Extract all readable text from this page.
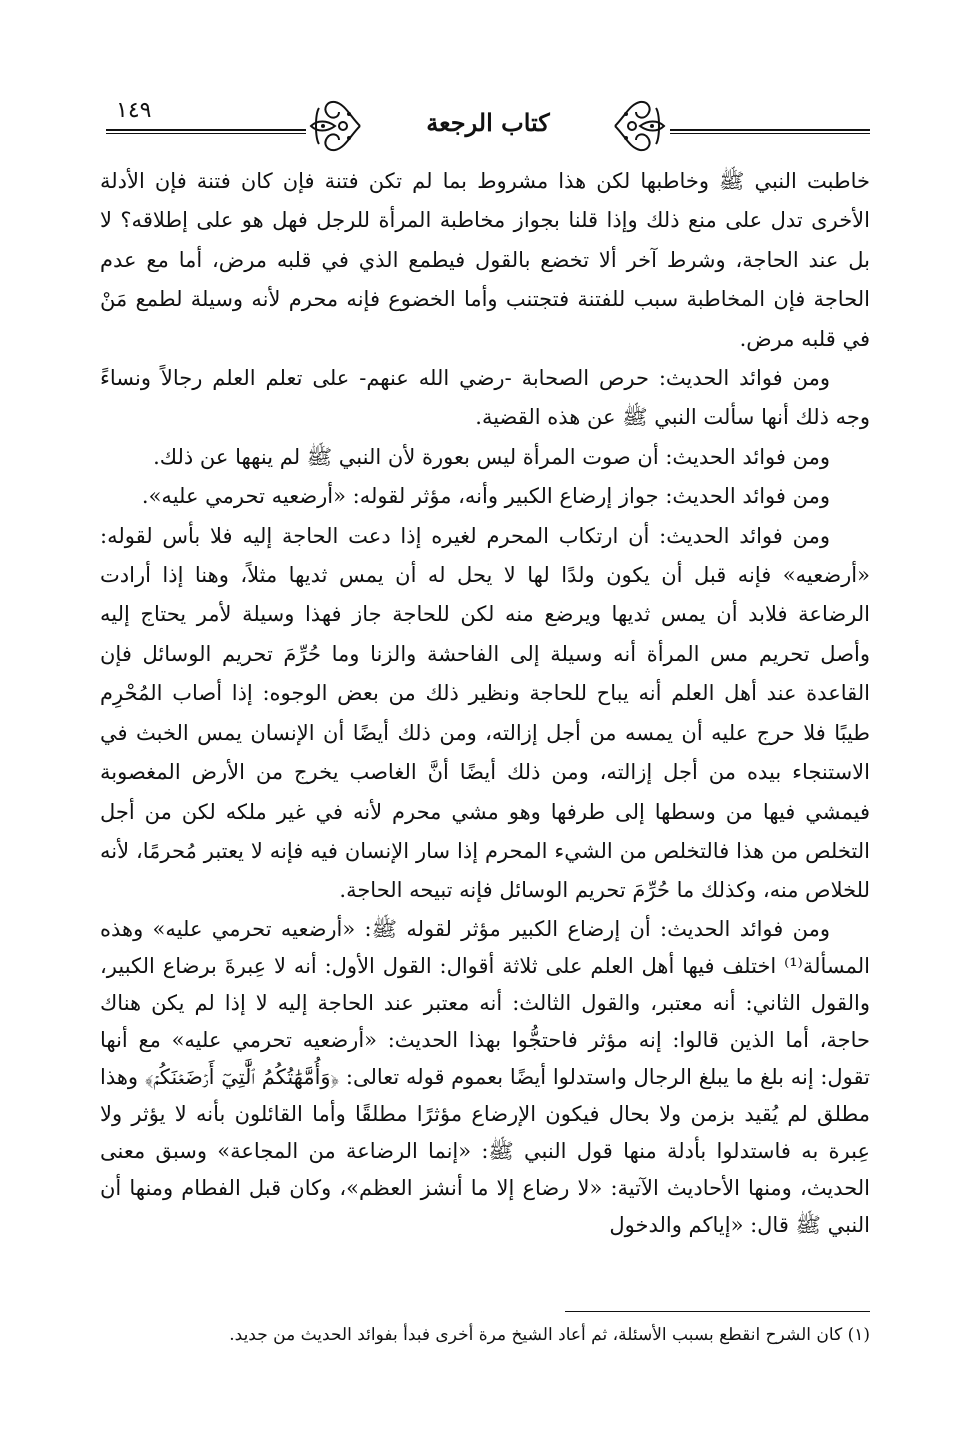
١٤٩	كتاب الرجعة

خاطبت النبي ﷺ وخاطبها لكن هذا مشروط بما لم تكن فتنة فإن كان فتنة فإن الأدلة الأخرى تدل على منع ذلك وإذا قلنا بجواز مخاطبة المرأة للرجل فهل هو على إطلاقه؟ لا بل عند الحاجة، وشرط آخر ألا تخضع بالقول فيطمع الذي في قلبه مرض، أما مع عدم الحاجة فإن المخاطبة سبب للفتنة فتجتنب وأما الخضوع فإنه محرم لأنه وسيلة لطمع مَنْ في قلبه مرض.

ومن فوائد الحديث: حرص الصحابة -رضي الله عنهم- على تعلم العلم رجالاً ونساءً وجه ذلك أنها سألت النبي ﷺ عن هذه القضية.

ومن فوائد الحديث: أن صوت المرأة ليس بعورة لأن النبي ﷺ لم ينهها عن ذلك.

ومن فوائد الحديث: جواز إرضاع الكبير وأنه، مؤثر لقوله: «أرضعيه تحرمي عليه».

ومن فوائد الحديث: أن ارتكاب المحرم لغيره إذا دعت الحاجة إليه فلا بأس لقوله: «أرضعيه» فإنه قبل أن يكون ولدًا لها لا يحل له أن يمس ثديها مثلاً، وهنا إذا أرادت الرضاعة فلابد أن يمس ثديها ويرضع منه لكن للحاجة جاز فهذا وسيلة لأمر يحتاج إليه وأصل تحريم مس المرأة أنه وسيلة إلى الفاحشة والزنا وما حُرِّمَ تحريم الوسائل فإن القاعدة عند أهل العلم أنه يباح للحاجة ونظير ذلك من بعض الوجوه: إذا أصاب المُحْرِم طيبًا فلا حرج عليه أن يمسه من أجل إزالته، ومن ذلك أيضًا أن الإنسان يمس الخبث في الاستنجاء بيده من أجل إزالته، ومن ذلك أيضًا أنَّ الغاصب يخرج من الأرض المغصوبة فيمشي فيها من وسطها إلى طرفها وهو مشي محرم لأنه في غير ملكه لكن من أجل التخلص من هذا فالتخلص من الشيء المحرم إذا سار الإنسان فيه فإنه لا يعتبر مُحرمًا، لأنه للخلاص منه، وكذلك ما حُرِّمَ تحريم الوسائل فإنه تبيحه الحاجة.

ومن فوائد الحديث: أن إرضاع الكبير مؤثر لقوله ﷺ: «أرضعيه تحرمي عليه» وهذه المسألة⁽¹⁾ اختلف فيها أهل العلم على ثلاثة أقوال: القول الأول: أنه لا عِبرةَ برضاع الكبير، والقول الثاني: أنه معتبر، والقول الثالث: أنه معتبر عند الحاجة إليه لا إذا لم يكن هناك حاجة، أما الذين قالوا: إنه مؤثر فاحتجُّوا بهذا الحديث: «أرضعيه تحرمي عليه» مع أنها تقول: إنه بلغ ما يبلغ الرجال واستدلوا أيضًا بعموم قوله تعالى: ﴿وَأُمَّهَٰتُكُمُ ٱلَّٰتِيٓ أَرۡضَعۡنَكُمۡ﴾ وهذا مطلق لم يُقيد بزمن ولا بحال فيكون الإرضاع مؤثرًا مطلقًا وأما القائلون بأنه لا يؤثر ولا عِبرة به فاستدلوا بأدلة منها قول النبي ﷺ: «إنما الرضاعة من المجاعة» وسبق معنى الحديث، ومنها الأحاديث الآتية: «لا رضاع إلا ما أنشز العظم»، وكان قبل الفطام ومنها أن النبي ﷺ قال: «إياكم والدخول

(١) كان الشرح انقطع بسبب الأسئلة، ثم أعاد الشيخ مرة أخرى فبدأ بفوائد الحديث من جديد.
